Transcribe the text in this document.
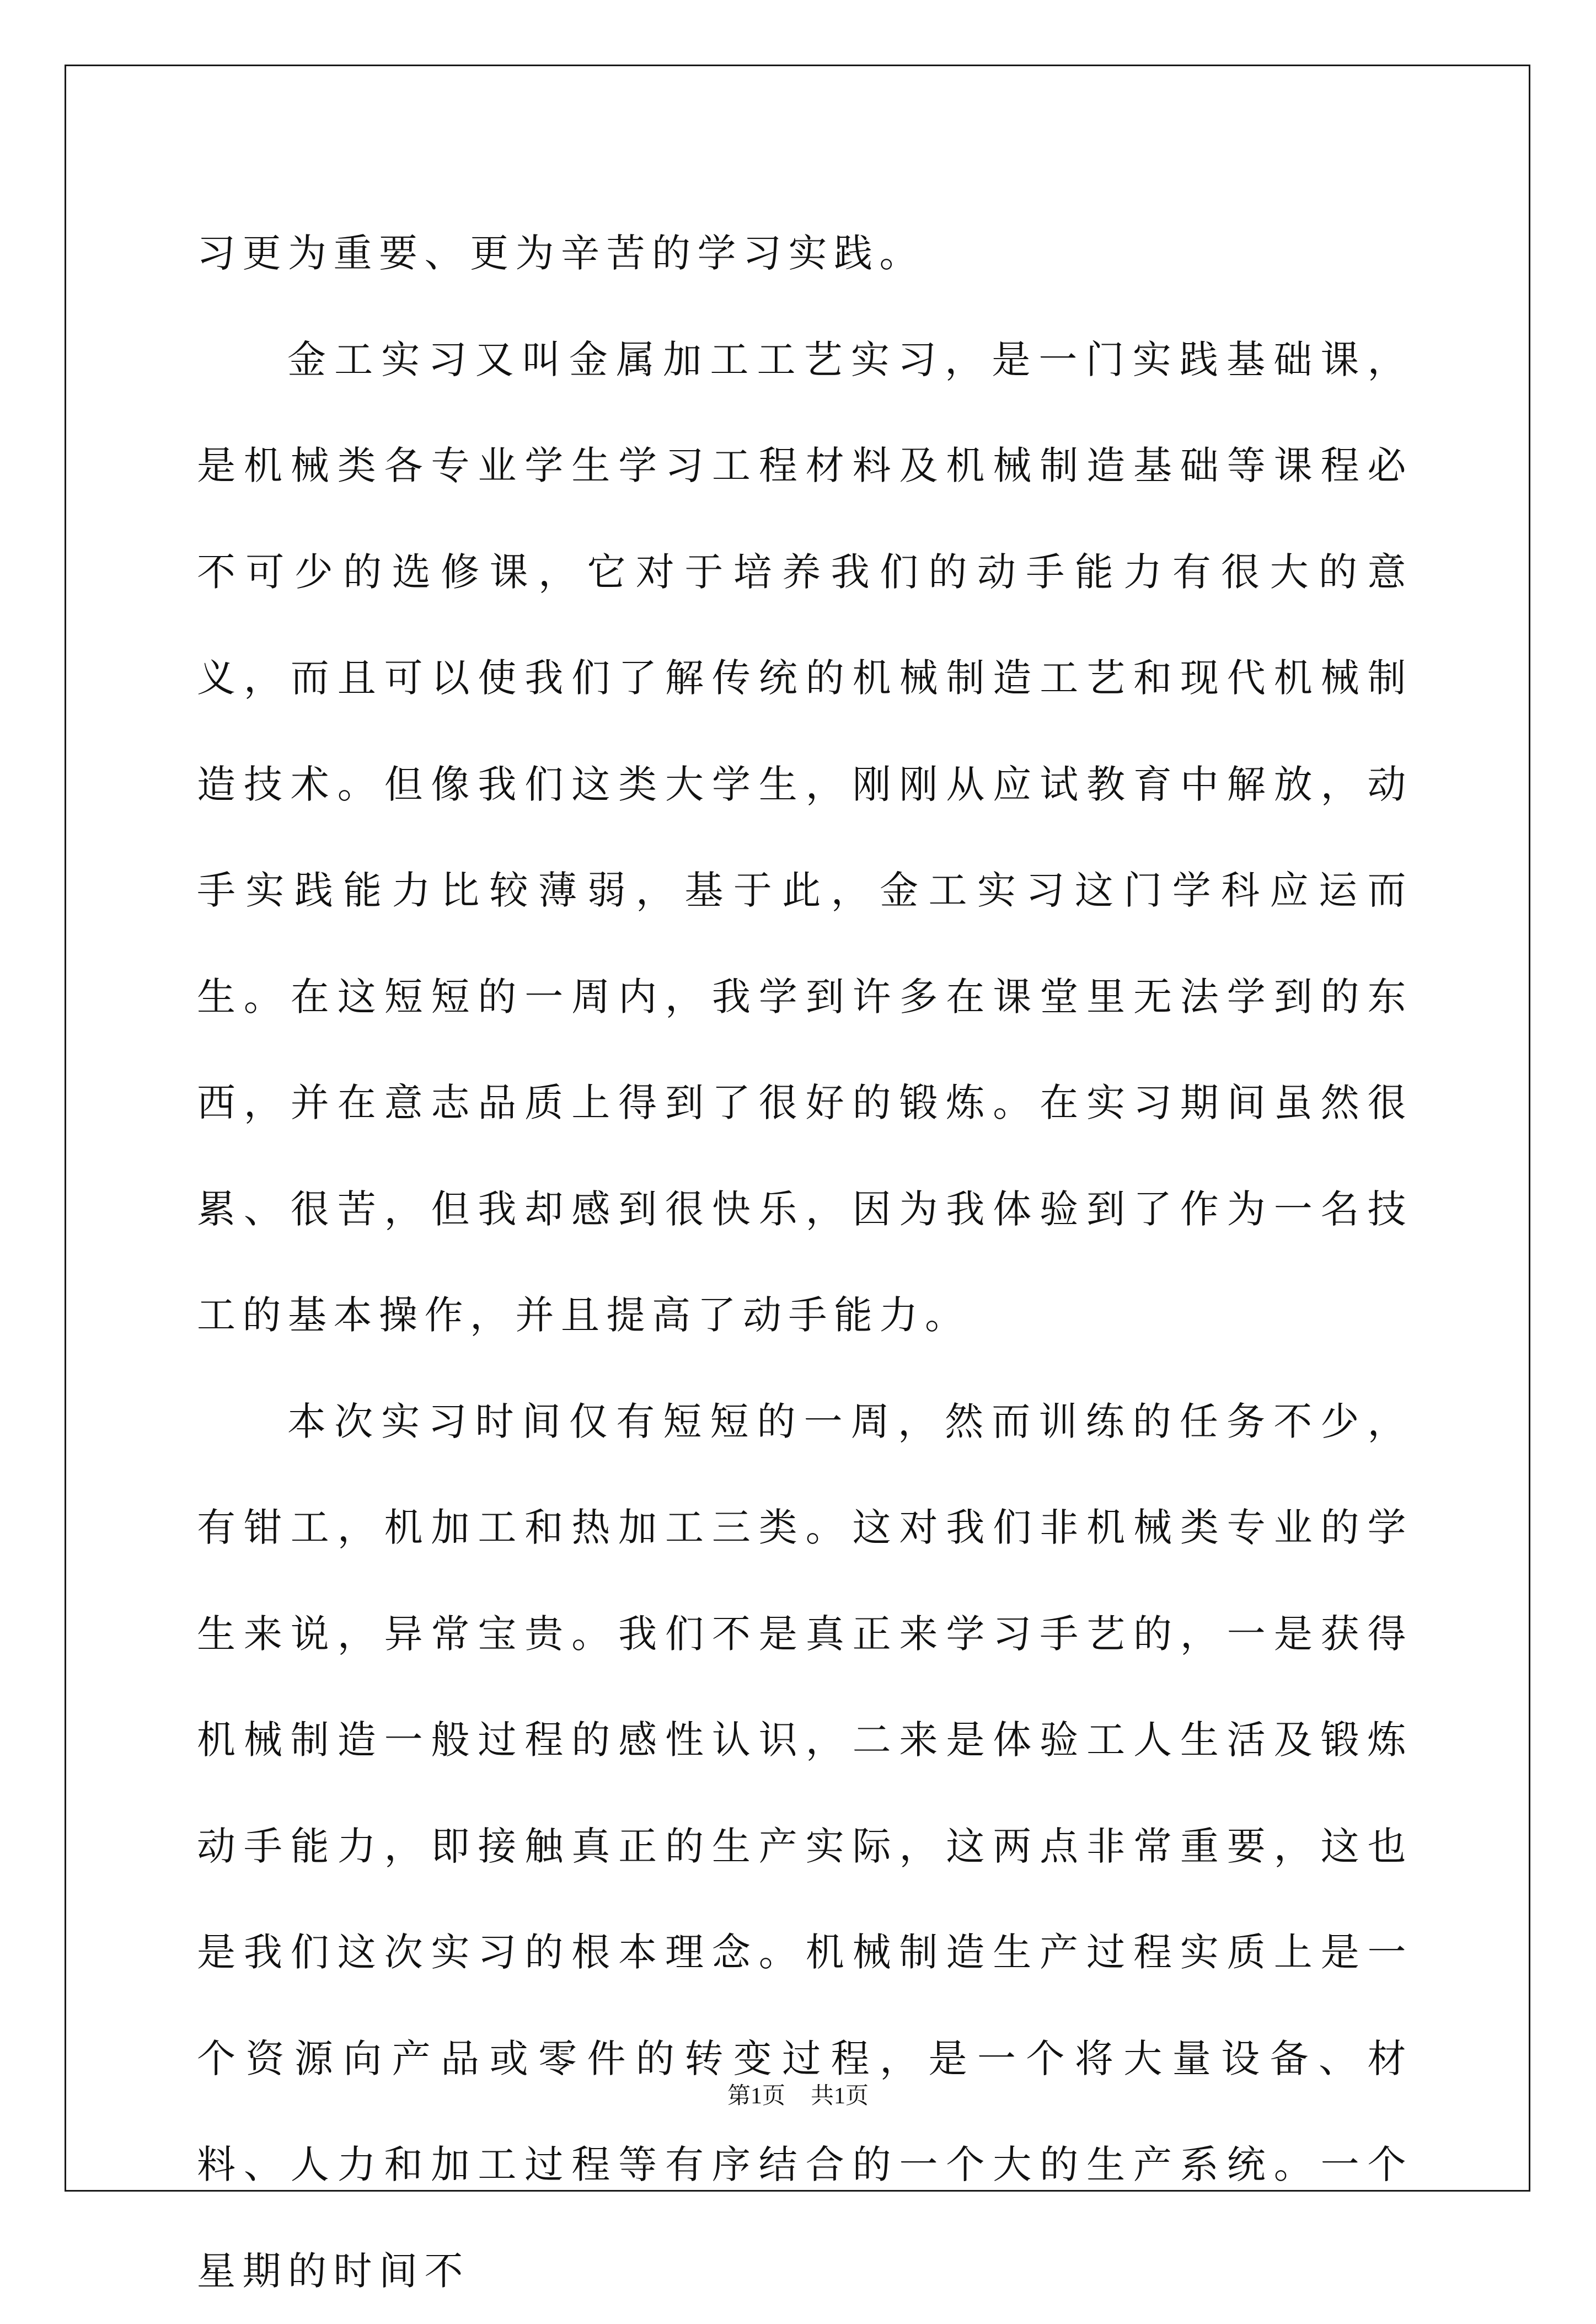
习更为重要、更为辛苦的学习实践。

金工实习又叫金属加工工艺实习，是一门实践基础课，是机械类各专业学生学习工程材料及机械制造基础等课程必不可少的选修课，它对于培养我们的动手能力有很大的意义，而且可以使我们了解传统的机械制造工艺和现代机械制造技术。但像我们这类大学生，刚刚从应试教育中解放，动手实践能力比较薄弱，基于此，金工实习这门学科应运而生。在这短短的一周内，我学到许多在课堂里无法学到的东西，并在意志品质上得到了很好的锻炼。在实习期间虽然很累、很苦，但我却感到很快乐，因为我体验到了作为一名技工的基本操作，并且提高了动手能力。

本次实习时间仅有短短的一周，然而训练的任务不少，有钳工，机加工和热加工三类。这对我们非机械类专业的学生来说，异常宝贵。我们不是真正来学习手艺的，一是获得机械制造一般过程的感性认识，二来是体验工人生活及锻炼动手能力，即接触真正的生产实际，这两点非常重要，这也是我们这次实习的根本理念。机械制造生产过程实质上是一个资源向产品或零件的转变过程，是一个将大量设备、材料、人力和加工过程等有序结合的一个大的生产系统。一个星期的时间不

第1页 共1页
